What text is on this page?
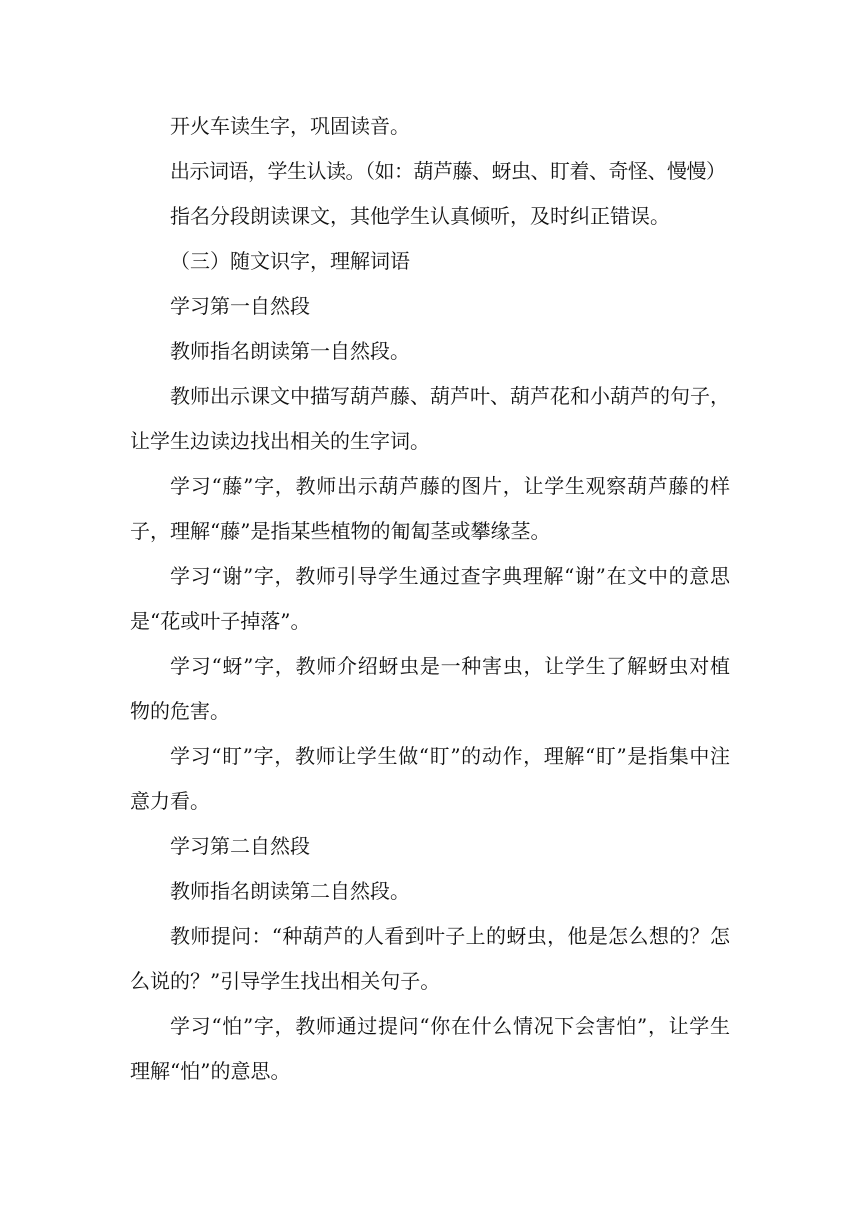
开火车读生字，巩固读音。

出示词语，学生认读。（如：葫芦藤、蚜虫、盯着、奇怪、慢慢）

指名分段朗读课文，其他学生认真倾听，及时纠正错误。

（三）随文识字，理解词语

学习第一自然段

教师指名朗读第一自然段。

教师出示课文中描写葫芦藤、葫芦叶、葫芦花和小葫芦的句子，让学生边读边找出相关的生字词。

学习“藤”字，教师出示葫芦藤的图片，让学生观察葫芦藤的样子，理解“藤”是指某些植物的匍匐茎或攀缘茎。

学习“谢”字，教师引导学生通过查字典理解“谢”在文中的意思是“花或叶子掉落”。

学习“蚜”字，教师介绍蚜虫是一种害虫，让学生了解蚜虫对植物的危害。

学习“盯”字，教师让学生做“盯”的动作，理解“盯”是指集中注意力看。

学习第二自然段

教师指名朗读第二自然段。

教师提问：“种葫芦的人看到叶子上的蚜虫，他是怎么想的？怎么说的？”引导学生找出相关句子。

学习“怕”字，教师通过提问“你在什么情况下会害怕”，让学生理解“怕”的意思。
